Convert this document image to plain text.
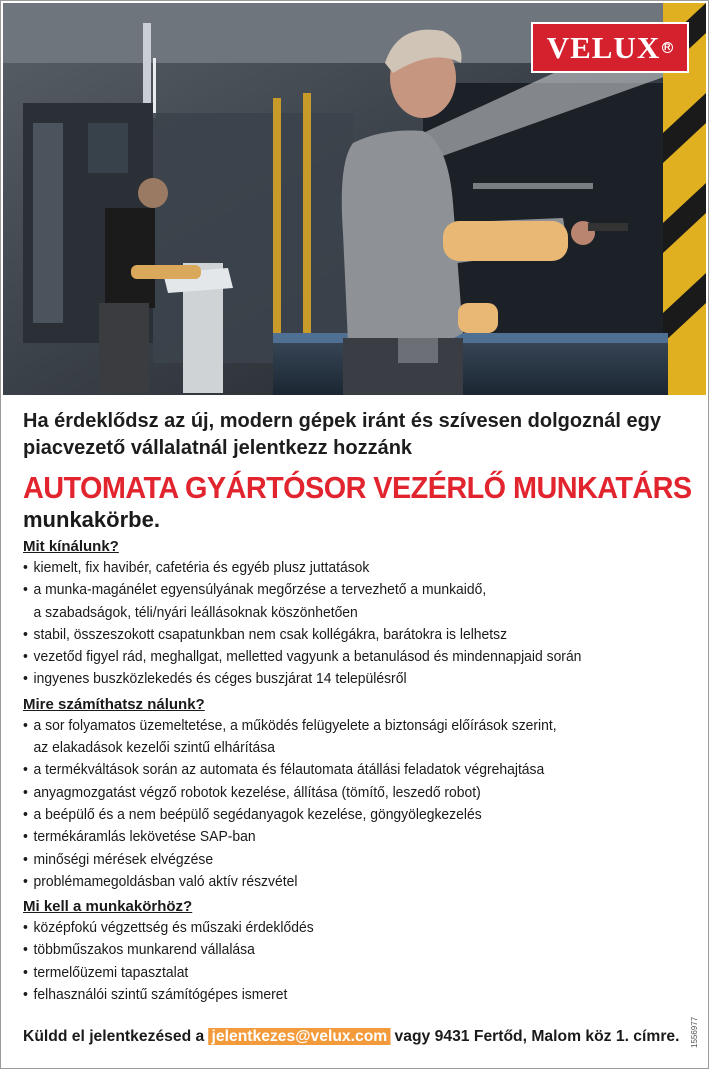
VELUX R

Ha érdeklődsz az új, modern gépek iránt és szívesen dolgoznál egy piacvezető vállalatnál jelentkezz hozzánk

AUTOMATA GYÁRTÓSOR VEZÉRLŐ MUNKATÁRS
munkakörbe.
Mit kínálunk?
• kiemelt, fix havibér, cafetéria és egyéb plusz juttatások
• a munka-magánélet egyensúlyának megőrzése a tervezhető a munkaidő,
a szabadságok, téli/nyári leállásoknak köszönhetően
• stabil, összeszokott csapatunkban nem csak kollégákra, barátokra is lelhetsz
• vezetőd figyel rád, meghallgat, melletted vagyunk a betanulásod és mindennapjaid során
• ingyenes buszközlekedés és céges buszjárat 14 településről
Mire számíthatsz nálunk?
• a sor folyamatos üzemeltetése, a működés felügyelete a biztonsági előírások szerint,
az elakadások kezelői szintű elhárítása
• a termékváltások során az automata és félautomata átállási feladatok végrehajtása
• anyagmozgatást végző robotok kezelése, állítása (tömítő, leszedő robot)
• a beépülő és a nem beépülő segédanyagok kezelése, göngyölegkezelés
• termékáramlás lekövetése SAP-ban
• minőségi mérések elvégzése
• problémamegoldásban való aktív részvétel
Mi kell a munkakörhöz?
• középfokú végzettség és műszaki érdeklődés
• többműszakos munkarend vállalása
• termelőüzemi tapasztalat
• felhasználói szintű számítógépes ismeret
Küldd el jelentkezésed a jelentkezes@velux.com vagy 9431 Fertőd, Malom köz 1. címre. 1556977
